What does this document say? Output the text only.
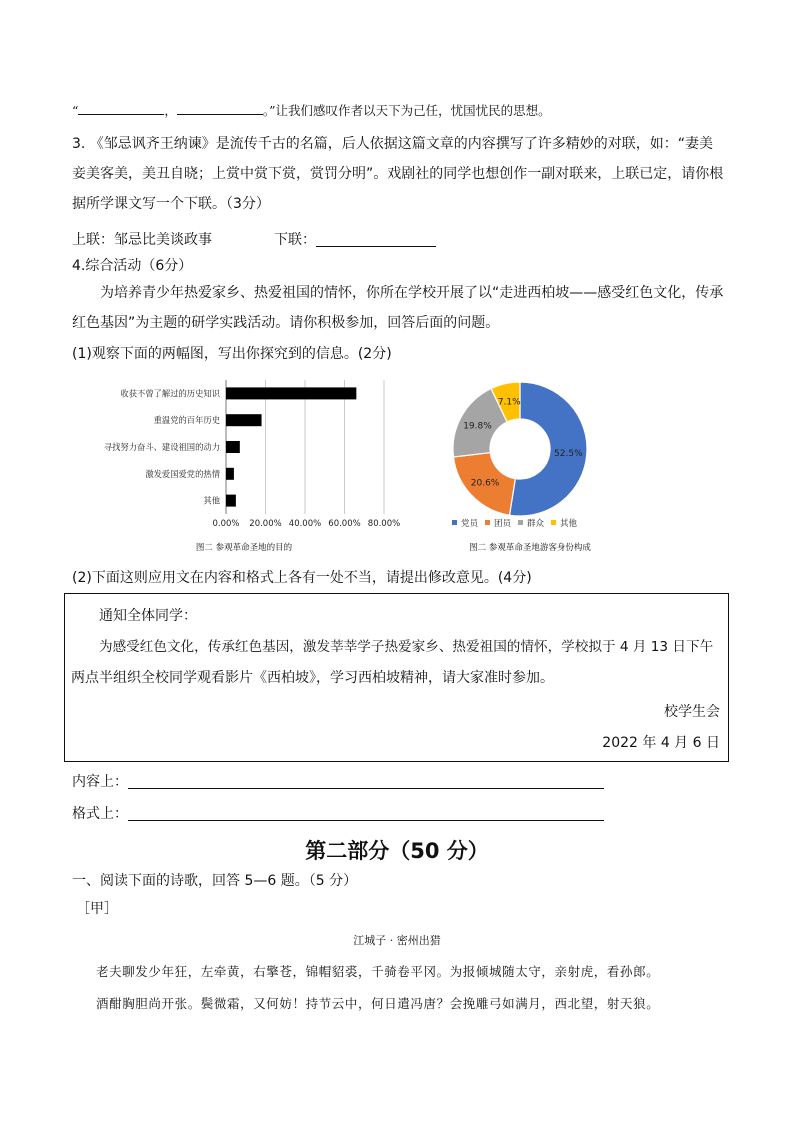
“	，	。”让我们感叹作者以天下为己任，忧国忧民的思想。
3. 《邹忌讽齐王纳谏》是流传千古的名篇，后人依据这篇文章的内容撰写了许多精妙的对联，如：“妻美
妾美客美，美丑自晓；上赏中赏下赏，赏罚分明”。戏剧社的同学也想创作一副对联来，上联已定，请你根
据所学课文写一个下联。（3分）
上联：邹忌比美谈政事	下联：
4.综合活动（6分）
为培养青少年热爱家乡、热爱祖国的情怀，你所在学校开展了以“走进西柏坡——感受红色文化，传承
红色基因”为主题的研学实践活动。请你积极参加，回答后面的问题。
(1)观察下面的两幅图，写出你探究到的信息。(2分)
收获不曾了解过的历史知识
重温党的百年历史
寻找努力奋斗、建设祖国的动力
激发爱国爱党的热情
其他
0.00% 20.00% 40.00% 60.00% 80.00%
图二 参观革命圣地的目的
52.5%
20.6%
19.8%
7.1%
党员 团员 群众 其他
图二 参观革命圣地游客身份构成
(2)下面这则应用文在内容和格式上各有一处不当，请提出修改意见。(4分)
通知全体同学：
为感受红色文化，传承红色基因，激发莘莘学子热爱家乡、热爱祖国的情怀，学校拟于 4 月 13 日下午
两点半组织全校同学观看影片《西柏坡》，学习西柏坡精神，请大家准时参加。
校学生会
2022 年 4 月 6 日
内容上：
格式上：
第二部分（50 分）
一、阅读下面的诗歌，回答 5—6 题。（5 分）
［甲］
江城子 · 密州出猎
老夫聊发少年狂，左牵黄，右擎苍，锦帽貂裘，千骑卷平冈。为报倾城随太守，亲射虎，看孙郎。
酒酣胸胆尚开张。鬓微霜，又何妨！持节云中，何日遣冯唐？会挽雕弓如满月，西北望，射天狼。
